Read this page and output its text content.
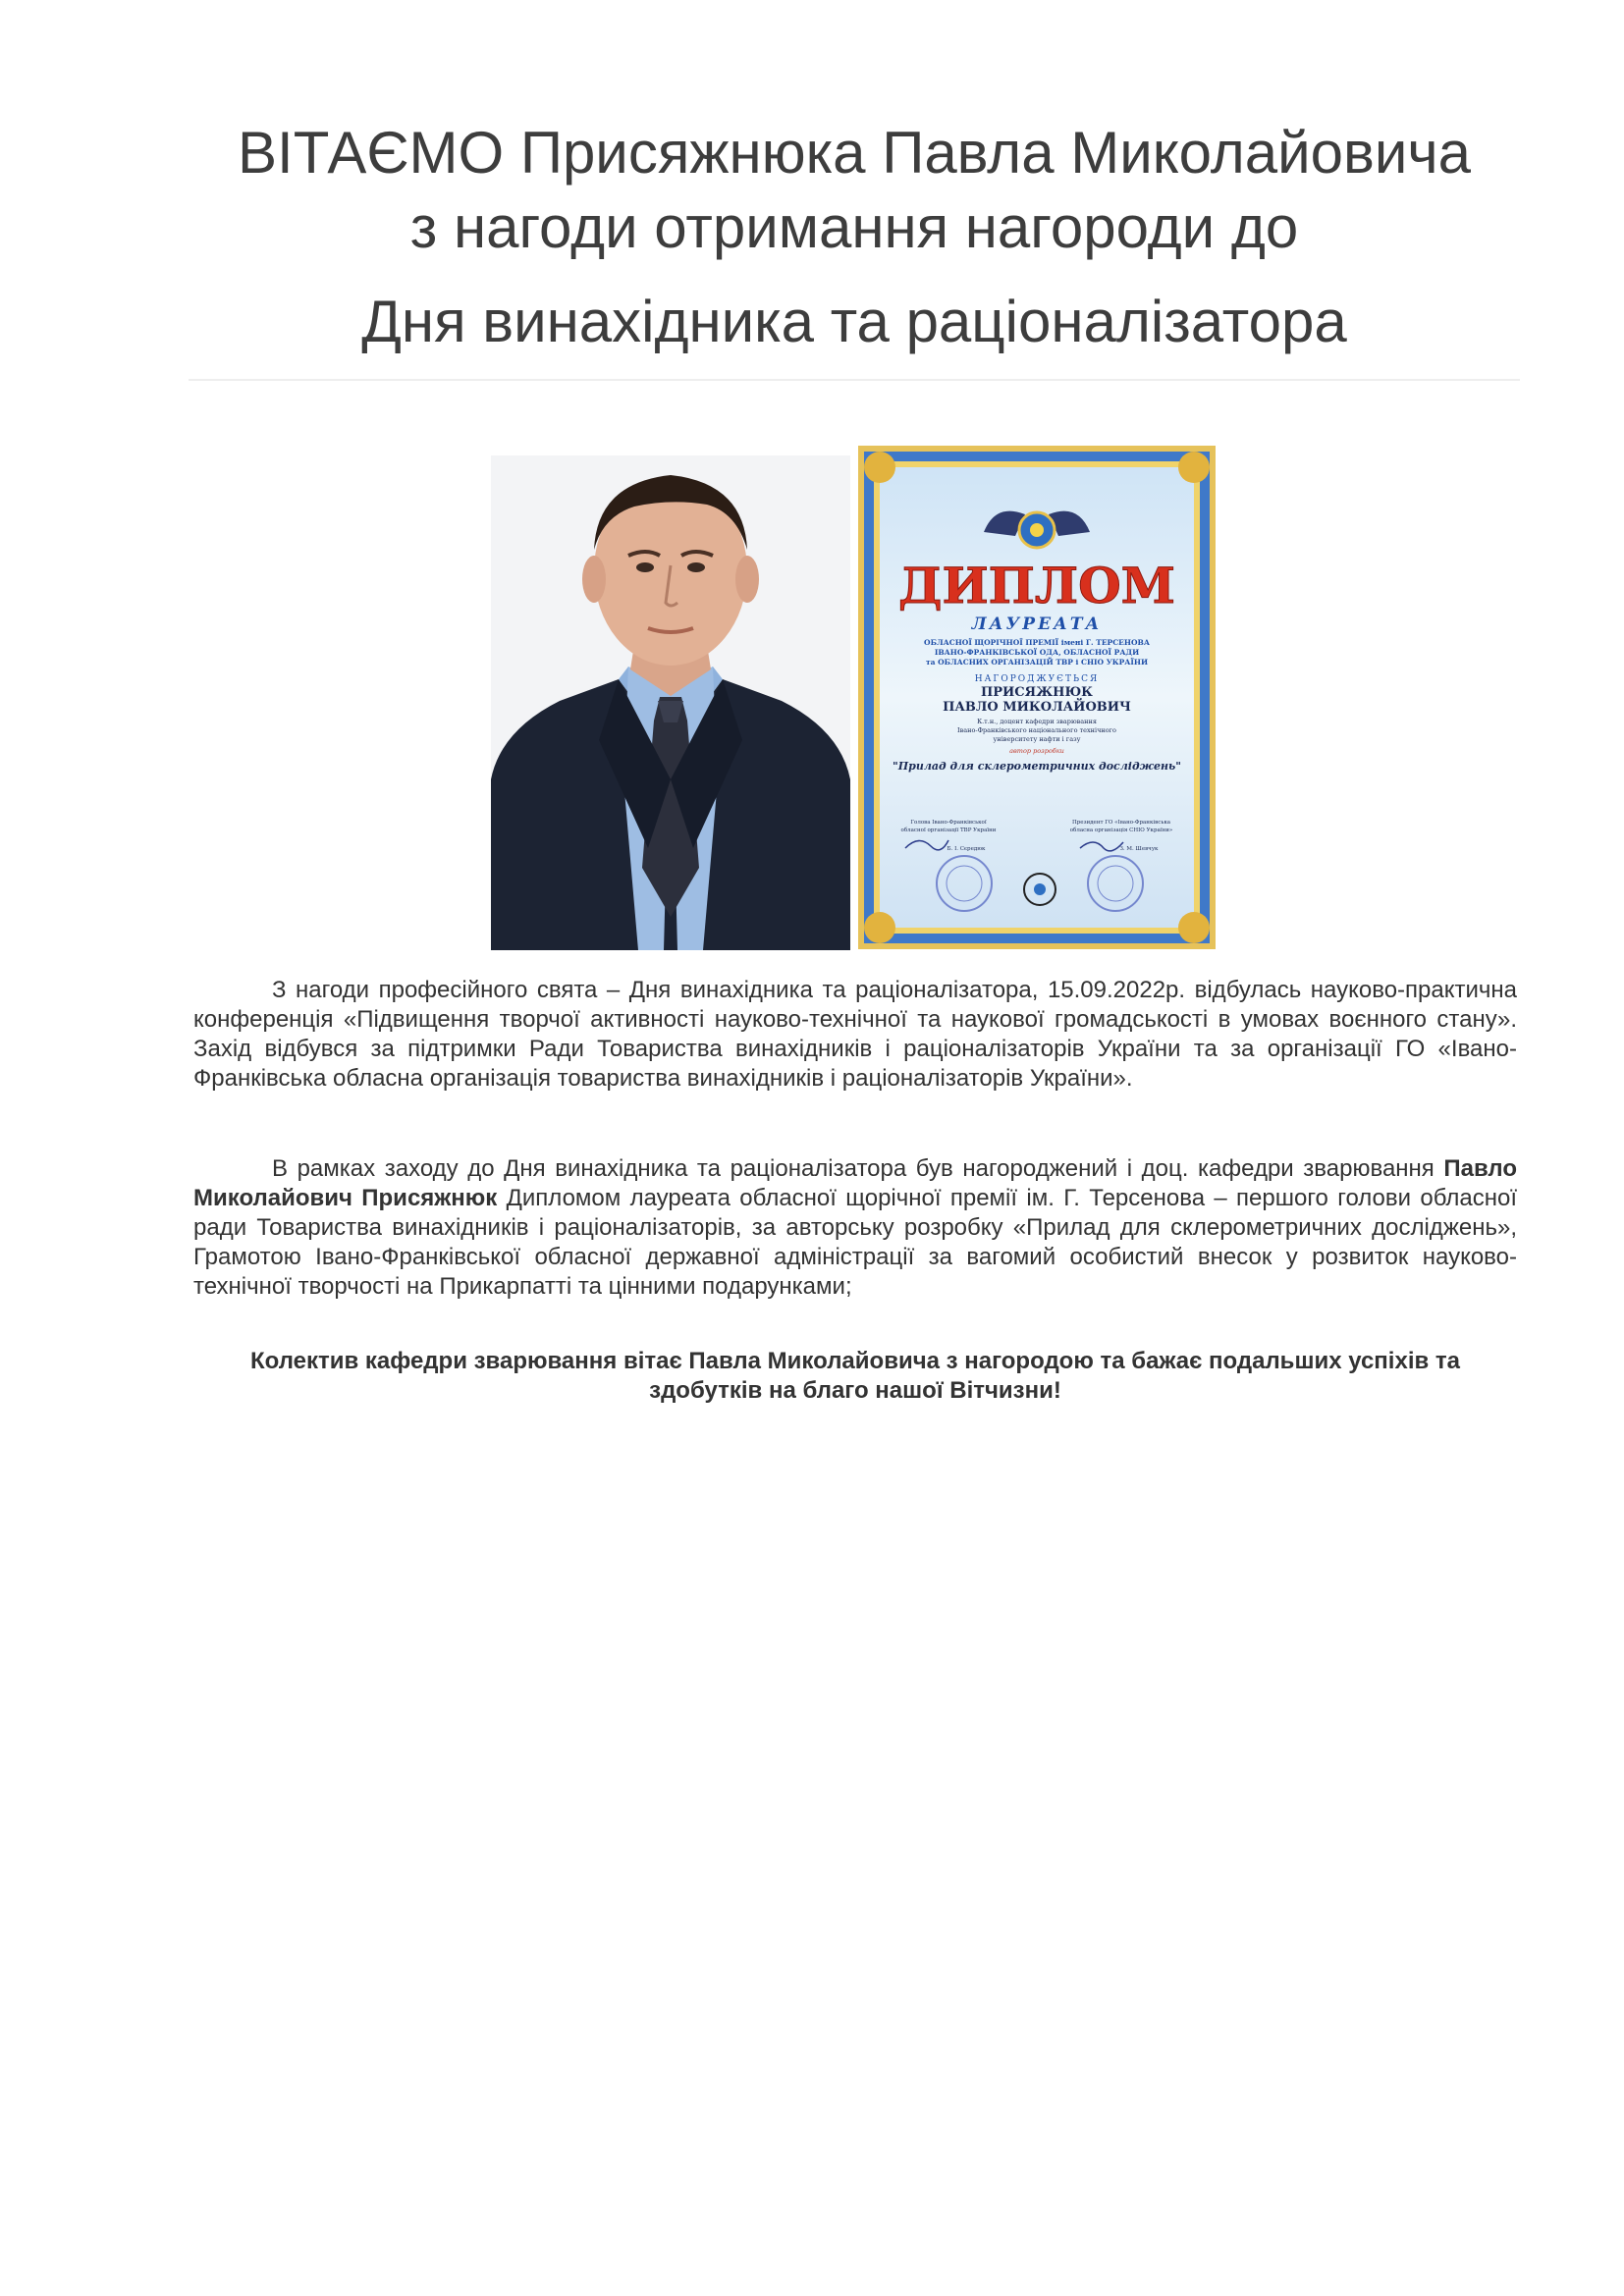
ВІТАЄМО Присяжнюка Павла Миколайовича
з нагоди отримання нагороди до
Дня винахідника та раціоналізатора
ДИПЛОМ
ЛАУРЕАТА
ОБЛАСНОЇ ЩОРІЧНОЇ ПРЕМІЇ імені Г. ТЕРСЕНОВА
ІВАНО-ФРАНКІВСЬКОЇ ОДА, ОБЛАСНОЇ РАДИ
та ОБЛАСНИХ ОРГАНІЗАЦІЙ ТВР і СНІО УКРАЇНИ
НАГОРОДЖУЄТЬСЯ
ПРИСЯЖНЮК
ПАВЛО МИКОЛАЙОВИЧ
К.т.н., доцент кафедри зварювання
Івано-Франківського національного технічного
університету нафти і газу
автор розробки
"Прилад для склерометричних досліджень"
Голова Івано-Франківської
обласної організації ТВР України
Б. І. Сєредюк
Президент ГО «Івано-Франківська
обласна організація СНІО України»
З. М. Шевчук
З нагоди професійного свята – Дня винахідника та раціоналізатора, 15.09.2022р. відбулась науково-практична конференція «Підвищення творчої активності науково-технічної та наукової громадськості в умовах воєнного стану». Захід відбувся за підтримки Ради Товариства винахідників і раціоналізаторів України та за організації ГО «Івано-Франківська обласна організація товариства винахідників і раціоналізаторів України».
В рамках заходу до Дня винахідника та раціоналізатора був нагороджений і доц. кафедри зварювання Павло Миколайович Присяжнюк Дипломом лауреата обласної щорічної премії ім. Г. Терсенова – першого голови обласної ради Товариства винахідників і раціоналізаторів, за авторську розробку «Прилад для склерометричних досліджень», Грамотою Івано-Франківської обласної державної адміністрації за вагомий особистий внесок у розвиток науково-технічної творчості на Прикарпатті та цінними подарунками;
Колектив кафедри зварювання вітає Павла Миколайовича з нагородою та бажає подальших успіхів та здобутків на благо нашої Вітчизни!
